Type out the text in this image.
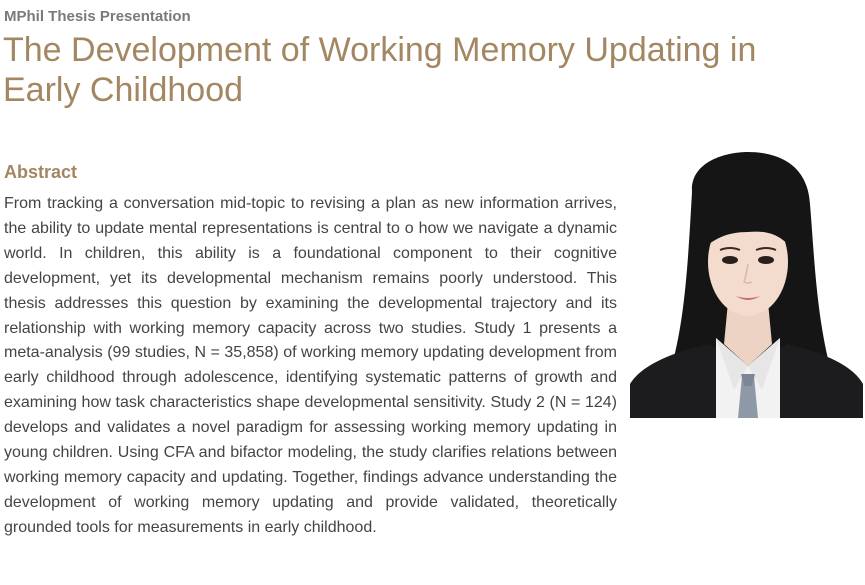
MPhil Thesis Presentation
The Development of Working Memory Updating in Early Childhood
Abstract

From tracking a conversation mid-topic to revising a plan as new information arrives, the ability to update mental representations is central to o how we navigate a dynamic world. In children, this ability is a foundational component to their cognitive development, yet its developmental mechanism remains poorly understood. This thesis addresses this question by examining the developmental trajectory and its relationship with working memory capacity across two studies. Study 1 presents a meta-analysis (99 studies, N = 35,858) of working memory updating development from early childhood through adolescence, identifying systematic patterns of growth and examining how task characteristics shape developmental sensitivity. Study 2 (N = 124) develops and validates a novel paradigm for assessing working memory updating in young children. Using CFA and bifactor modeling, the study clarifies relations between working memory capacity and updating. Together, findings advance understanding the development of working memory updating and provide validated, theoretically grounded tools for measurements in early childhood.
